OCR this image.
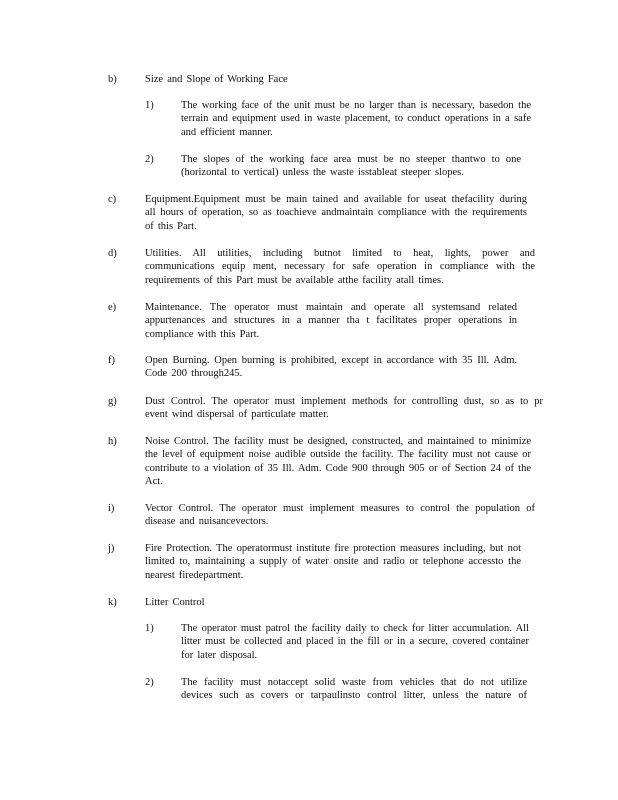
b)	Size and Slope of Working Face
1)	The working face of the unit must be no larger than is necessary, basedon the terrain and equipment used in waste placement, to conduct operations in a safe and efficient manner.
2)	The slopes of the working face area must be no steeper thantwo to one (horizontal to vertical) unless the waste isstableat steeper slopes.
c)	Equipment.Equipment must be main tained and available for useat thefacility during all hours of operation, so as toachieve andmaintain compliance with the requirements of this Part.
d)	Utilities. All utilities, including butnot limited to heat, lights, power and communications equip ment, necessary for safe operation in compliance with the requirements of this Part must be available atthe facility atall times.
e)	Maintenance. The operator must maintain and operate all systemsand related appurtenances and structures in a manner tha t facilitates proper operations in compliance with this Part.
f)	Open Burning. Open burning is prohibited, except in accordance with 35 Ill. Adm. Code 200 through245.
g)	Dust Control. The operator must implement methods for controlling dust, so as to pr event wind dispersal of particulate matter.
h)	Noise Control. The facility must be designed, constructed, and maintained to minimize the level of equipment noise audible outside the facility. The facility must not cause or contribute to a violation of 35 Ill. Adm. Code 900 through 905 or of Section 24 of the Act.
i)	Vector Control. The operator must implement measures to control the population of disease and nuisancevectors.
j)	Fire Protection. The operatormust institute fire protection measures including, but not limited to, maintaining a supply of water onsite and radio or telephone accessto the nearest firedepartment.
k)	Litter Control
1)	The operator must patrol the facility daily to check for litter accumulation. All litter must be collected and placed in the fill or in a secure, covered container for later disposal.
2)	The facility must notaccept solid waste from vehicles that do not utilize devices such as covers or tarpaulinsto control litter, unless the nature of
